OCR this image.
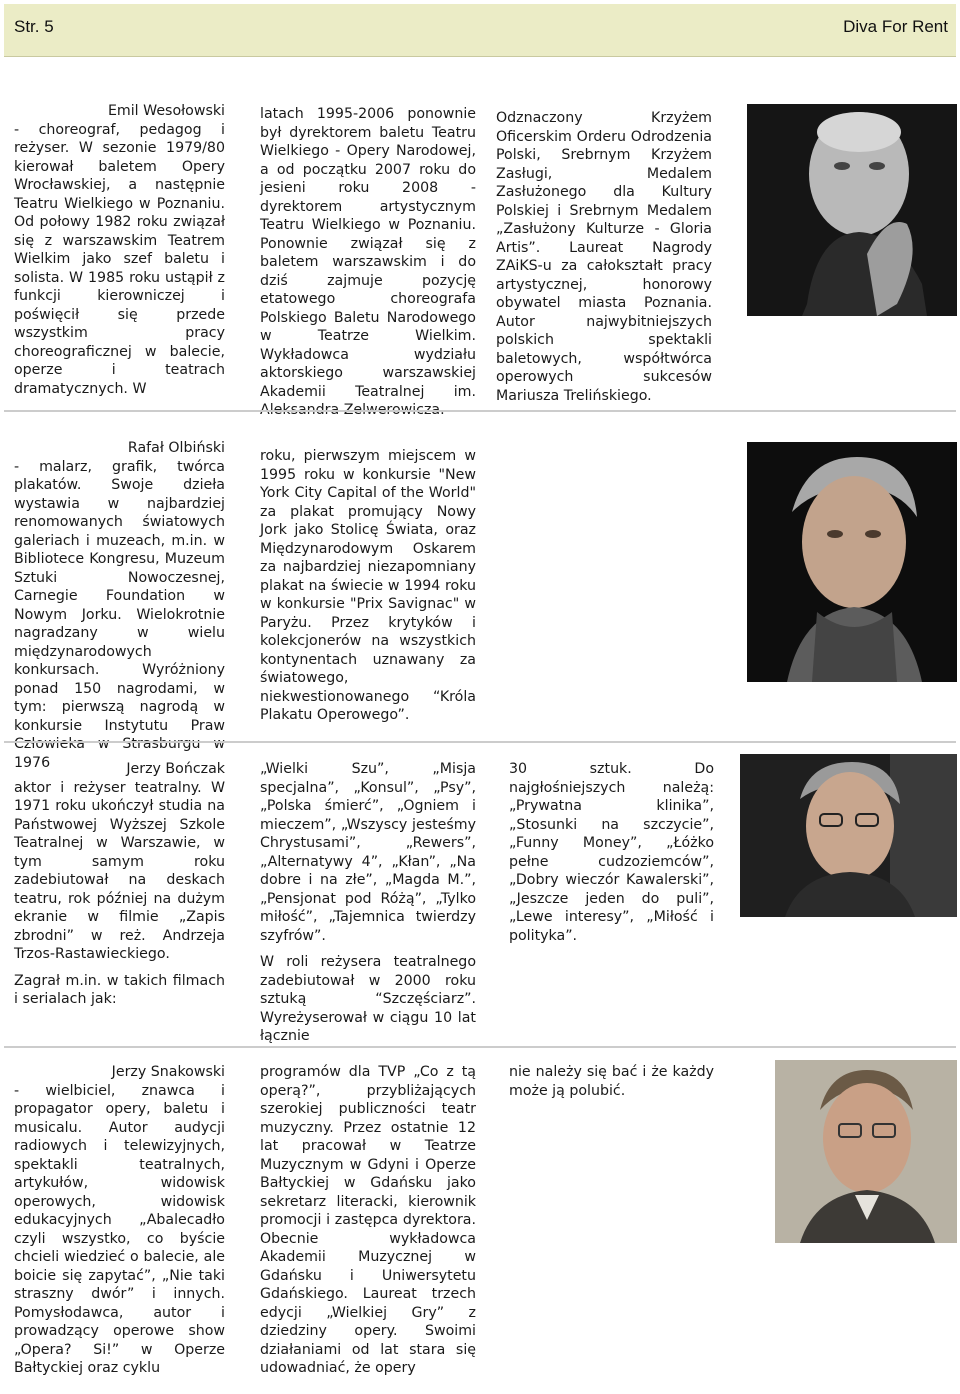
Str. 5	Diva For Rent
Emil Wesołowski

- choreograf, pedagog i reżyser. W sezonie 1979/80 kierował baletem Opery Wrocławskiej, a następnie Teatru Wielkiego w Poznaniu. Od połowy 1982 roku związał się z warszawskim Teatrem Wielkim jako szef baletu i solista. W 1985 roku ustąpił z funkcji kierowniczej i poświęcił się przede wszystkim pracy choreograficznej w balecie, operze i teatrach dramatycznych. W

latach 1995-2006 ponownie był dyrektorem baletu Teatru Wielkiego - Opery Narodowej, a od początku 2007 roku do jesieni roku 2008 - dyrektorem artystycznym Teatru Wielkiego w Poznaniu. Ponownie związał się z baletem warszawskim i do dziś zajmuje pozycję etatowego choreografa Polskiego Baletu Narodowego w Teatrze Wielkim. Wykładowca wydziału aktorskiego warszawskiej Akademii Teatralnej im. Aleksandra Zelwerowicza.

Odznaczony Krzyżem Oficerskim Orderu Odrodzenia Polski, Srebrnym Krzyżem Zasługi, Medalem Zasłużonego dla Kultury Polskiej i Srebrnym Medalem „Zasłużony Kulturze - Gloria Artis”. Laureat Nagrody ZAiKS-u za całokształt pracy artystycznej, honorowy obywatel miasta Poznania. Autor najwybitniejszych polskich spektakli baletowych, współtwórca operowych sukcesów Mariusza Trelińskiego.

Rafał Olbiński

- malarz, grafik, twórca plakatów. Swoje dzieła wystawia w najbardziej renomowanych światowych galeriach i muzeach, m.in. w Bibliotece Kongresu, Muzeum Sztuki Nowoczesnej, Carnegie Foundation w Nowym Jorku. Wielokrotnie nagradzany w wielu międzynarodowych konkursach. Wyróżniony ponad 150 nagrodami, w tym: pierwszą nagrodą w konkursie Instytutu Praw Człowieka w Strasburgu w 1976

roku, pierwszym miejscem w 1995 roku w konkursie "New York City Capital of the World" za plakat promujący Nowy Jork jako Stolicę Świata, oraz Międzynarodowym Oskarem za najbardziej niezapomniany plakat na świecie w 1994 roku w konkursie "Prix Savignac" w Paryżu. Przez krytyków i kolekcjonerów na wszystkich kontynentach uznawany za światowego, niekwestionowanego “Króla Plakatu Operowego”.

Jerzy Bończak

aktor i reżyser teatralny. W 1971 roku ukończył studia na Państwowej Wyższej Szkole Teatralnej w Warszawie, w tym samym roku zadebiutował na deskach teatru, rok później na dużym ekranie w filmie „Zapis zbrodni” w reż. Andrzeja Trzos-Rastawieckiego.

Zagrał m.in. w takich filmach i serialach jak:

„Wielki Szu”, „Misja specjalna”, „Konsul”, „Psy”, „Polska śmierć”, „Ogniem i mieczem”, „Wszyscy jesteśmy Chrystusami”, „Rewers”, „Alternatywy 4”, „Kłan”, „Na dobre i na złe”, „Magda M.”, „Pensjonat pod Różą”, „Tylko miłość”, „Tajemnica twierdzy szyfrów”.

W roli reżysera teatralnego zadebiutował w 2000 roku sztuką “Szczęściarz”. Wyreżyserował w ciągu 10 lat łącznie

30 sztuk. Do najgłośniejszych należą: „Prywatna klinika”, „Stosunki na szczycie”, „Funny Money”, „Łóżko pełne cudzoziemców”, „Dobry wieczór Kawalerski”, „Jeszcze jeden do puli”, „Lewe interesy”, „Miłość i polityka”.

Jerzy Snakowski

- wielbiciel, znawca i propagator opery, baletu i musicalu. Autor audycji radiowych i telewizyjnych, spektakli teatralnych, artykułów, widowisk operowych, widowisk edukacyjnych „Abalecadło czyli wszystko, co byście chcieli wiedzieć o balecie, ale boicie się zapytać”, „Nie taki straszny dwór” i innych. Pomysłodawca, autor i prowadzący operowe show „Opera? Si!” w Operze Bałtyckiej oraz cyklu

programów dla TVP „Co z tą operą?”, przybliżających szerokiej publiczności teatr muzyczny. Przez ostatnie 12 lat pracował w Teatrze Muzycznym w Gdyni i Operze Bałtyckiej w Gdańsku jako sekretarz literacki, kierownik promocji i zastępca dyrektora. Obecnie wykładowca Akademii Muzycznej w Gdańsku i Uniwersytetu Gdańskiego. Laureat trzech edycji „Wielkiej Gry” z dziedziny opery. Swoimi działaniami od lat stara się udowadniać, że opery

nie należy się bać i że każdy może ją polubić.
